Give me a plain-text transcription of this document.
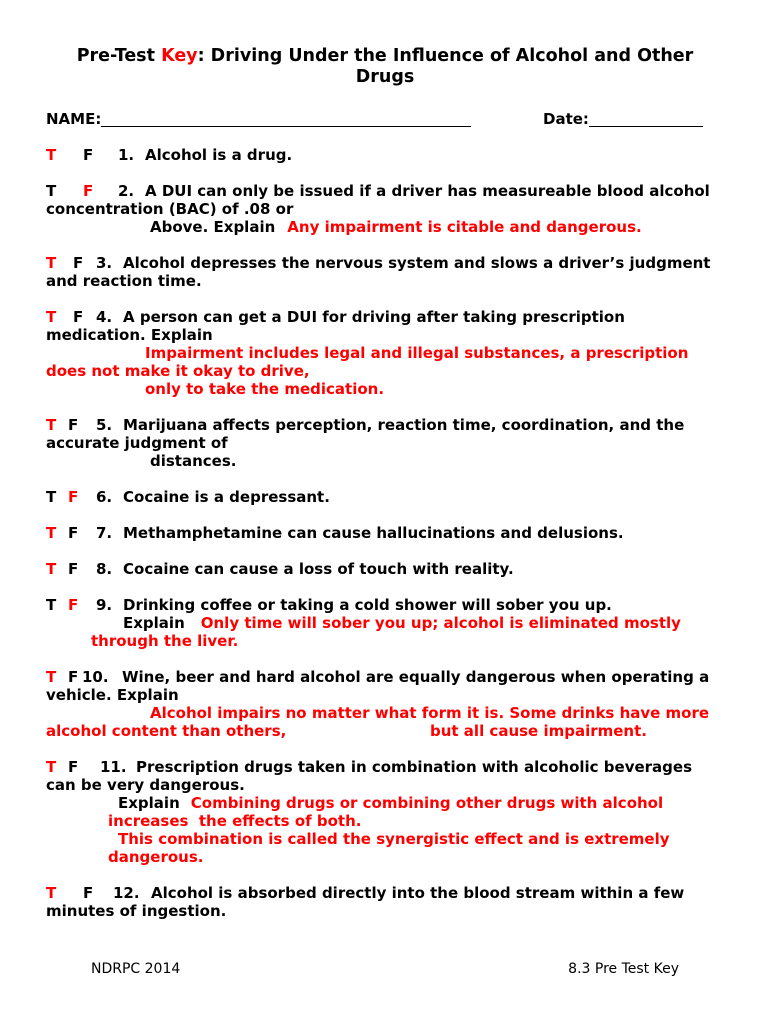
Pre-Test Key: Driving Under the Influence of Alcohol and Other Drugs
NAME:	Date:
T F 1. Alcohol is a drug.
T F 2. A DUI can only be issued if a driver has measureable blood alcohol
concentration (BAC) of .08 or
Above. Explain Any impairment is citable and dangerous.
T F 3. Alcohol depresses the nervous system and slows a driver’s judgment
and reaction time.
T F 4. A person can get a DUI for driving after taking prescription
medication. Explain
Impairment includes legal and illegal substances, a prescription
does not make it okay to drive,
only to take the medication.
T F 5. Marijuana affects perception, reaction time, coordination, and the
accurate judgment of
distances.
T F 6. Cocaine is a depressant.
T F 7. Methamphetamine can cause hallucinations and delusions.
T F 8. Cocaine can cause a loss of touch with reality.
T F 9. Drinking coffee or taking a cold shower will sober you up.
Explain Only time will sober you up; alcohol is eliminated mostly
through the liver.
T F 10. Wine, beer and hard alcohol are equally dangerous when operating a
vehicle. Explain
Alcohol impairs no matter what form it is. Some drinks have more
alcohol content than others,	but all cause impairment.
T F 11. Prescription drugs taken in combination with alcoholic beverages
can be very dangerous.
Explain Combining drugs or combining other drugs with alcohol
increases  the effects of both.
This combination is called the synergistic effect and is extremely
dangerous.
T F 12. Alcohol is absorbed directly into the blood stream within a few
minutes of ingestion.
NDRPC 2014	8.3 Pre Test Key
